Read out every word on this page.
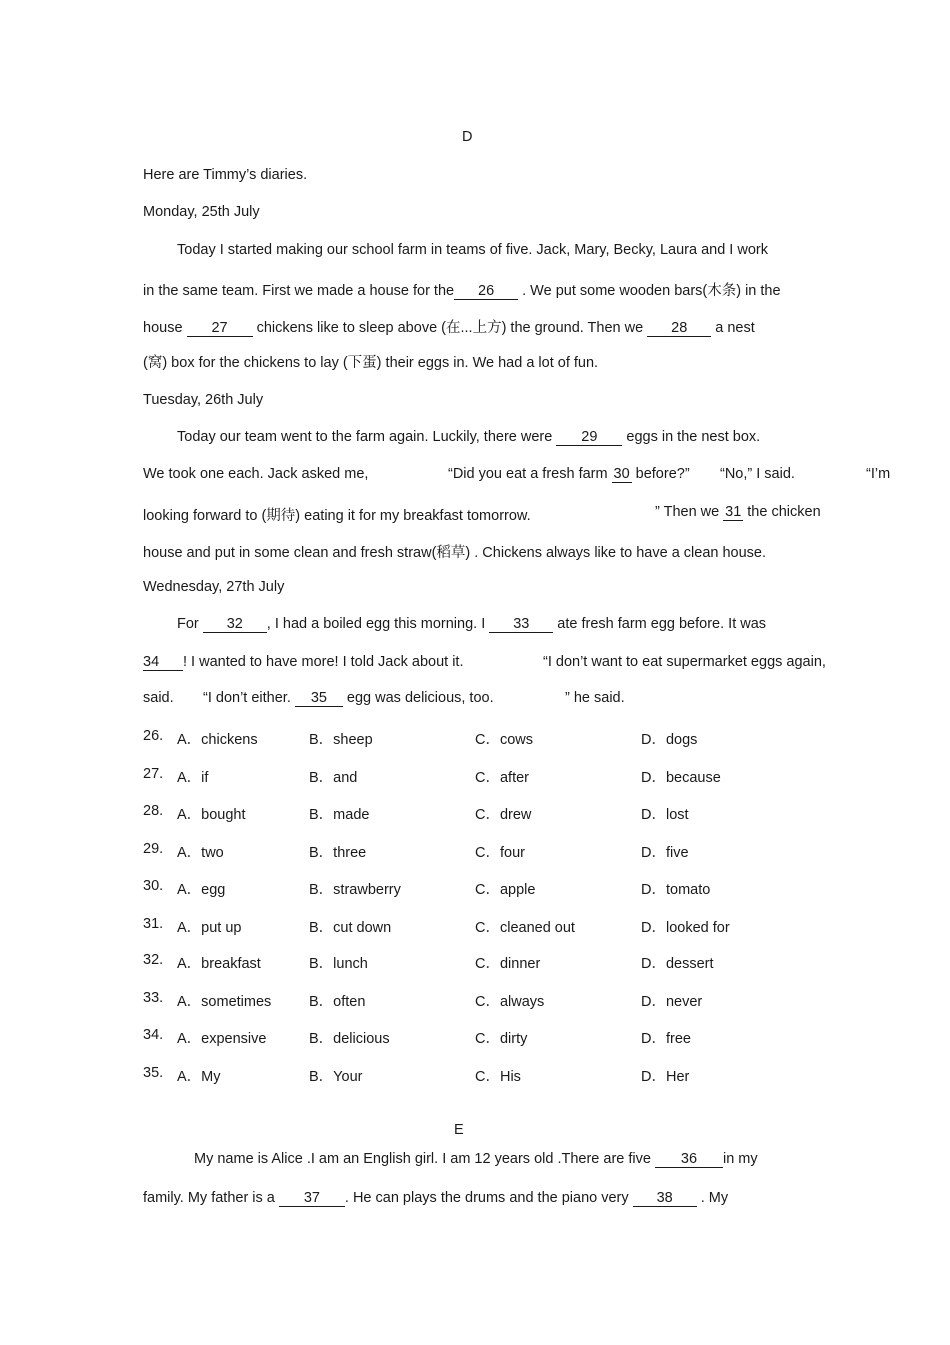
D
Here are Timmy’s diaries.
Monday, 25th July
Today I started making our school farm in teams of five. Jack, Mary, Becky, Laura and I work
in the same team. First we made a house for the 26 . We put some wooden bars(木条) in the
house 27 chickens like to sleep above (在...上方) the ground. Then we 28 a nest
(窝) box for the chickens to lay (下蛋) their eggs in. We had a lot of fun.
Tuesday, 26th July
Today our team went to the farm again. Luckily, there were 29 eggs in the nest box.
We took one each. Jack asked me,	“Did you eat a fresh farm 30 before?” “No,” I said.	“I’m
looking forward to (期待) eating it for my breakfast tomorrow.	” Then we 31 the chicken
house and put in some clean and fresh straw(稻草) . Chickens always like to have a clean house.
Wednesday, 27th July
For 32 , I had a boiled egg this morning. I 33 ate fresh farm egg before. It was
34 ! I wanted to have more! I told Jack about it.	“I don’t want to eat supermarket eggs again,
said. “I don’t either. 35 egg was delicious, too.	” he said.
26. A．chickens	B．sheep	C．cows	D．dogs
27. A．if	B．and	C．after	D．because
28. A．bought	B．made	C．drew	D．lost
29. A．two	B．three	C．four	D．five
30. A．egg	B．strawberry	C．apple	D．tomato
31. A．put up	B．cut down	C．cleaned out	D．looked for
32. A．breakfast	B．lunch	C．dinner	D．dessert
33. A．sometimes	B．often	C．always	D．never
34. A．expensive	B．delicious	C．dirty	D．free
35. A．My	B．Your	C．His	D．Her
E
My name is Alice .I am an English girl. I am 12 years old .There are five 36 in my
family. My father is a 37 . He can plays the drums and the piano very 38 . My
